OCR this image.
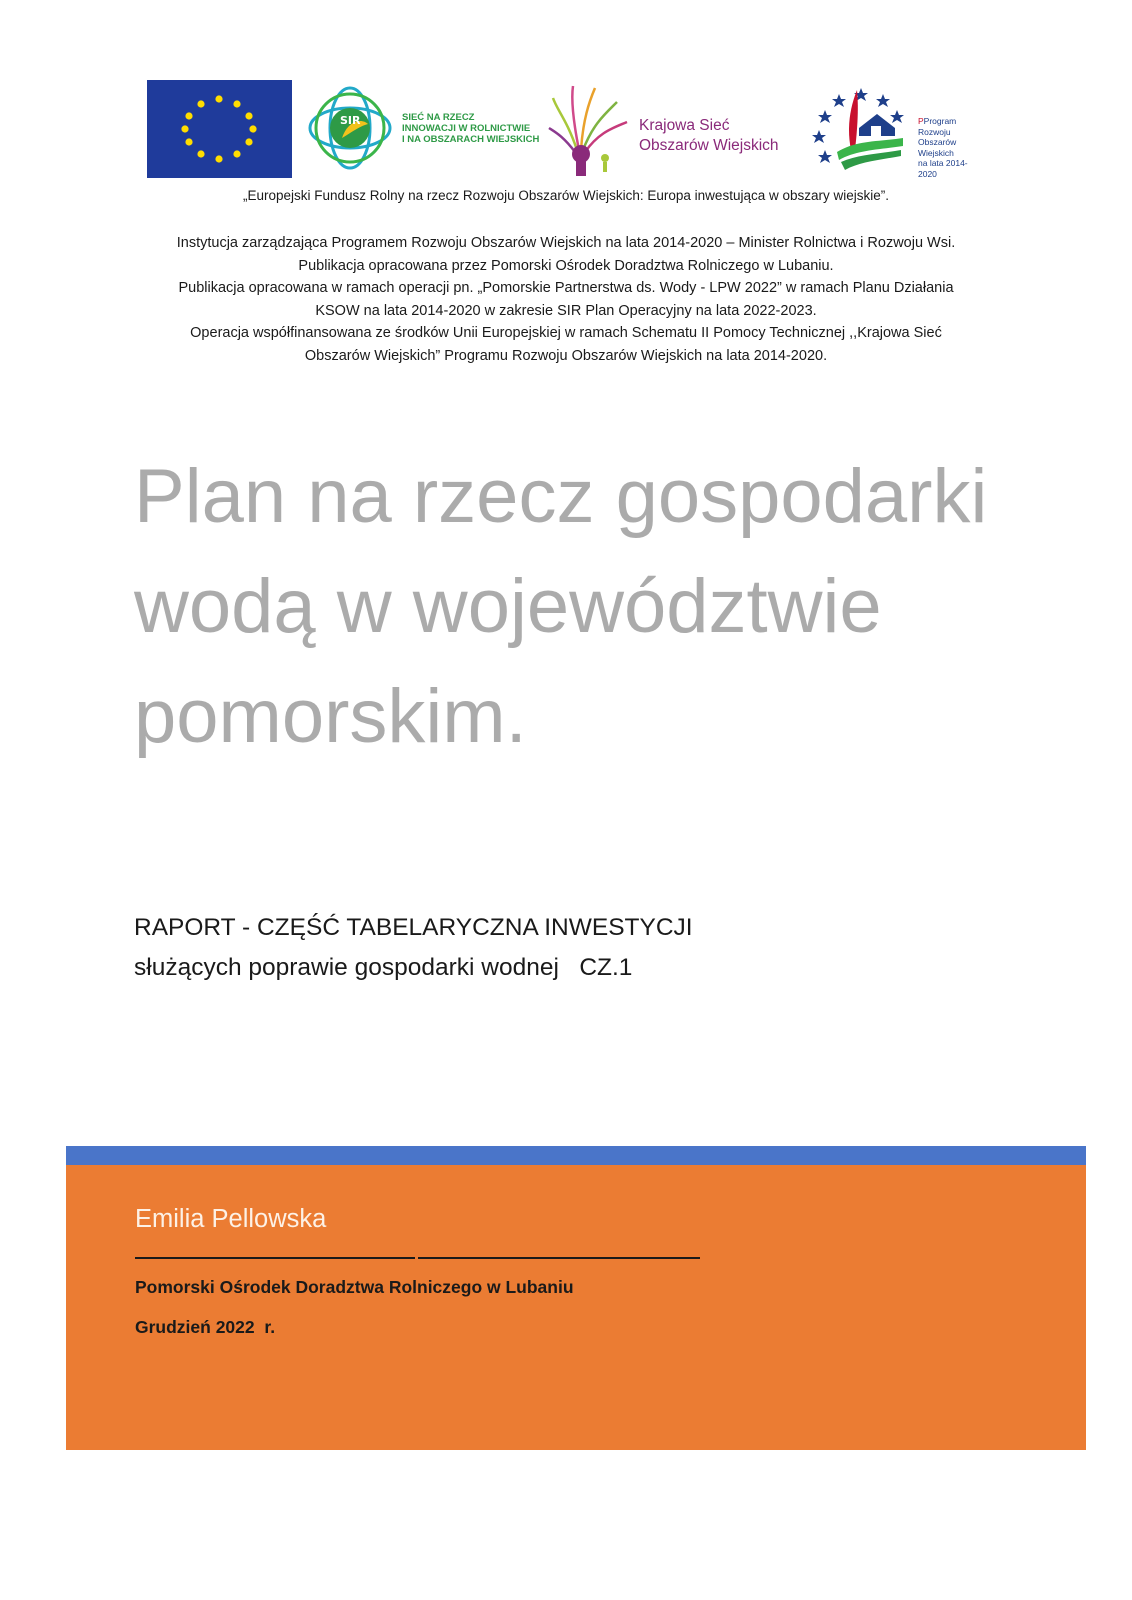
SIR	SIEĆ NA RZECZ
INNOWACJI W ROLNICTWIE
I NA OBSZARACH WIEJSKICH
Krajowa Sieć
Obszarów Wiejskich
PProgram
Rozwoju
Obszarów
Wiejskich
na lata 2014-2020
„Europejski Fundusz Rolny na rzecz Rozwoju Obszarów Wiejskich: Europa inwestująca w obszary wiejskie”.
Instytucja zarządzająca Programem Rozwoju Obszarów Wiejskich na lata 2014-2020 – Minister Rolnictwa i Rozwoju Wsi.
Publikacja opracowana przez Pomorski Ośrodek Doradztwa Rolniczego w Lubaniu.
Publikacja opracowana w ramach operacji pn. „Pomorskie Partnerstwa ds. Wody - LPW 2022” w ramach Planu Działania
KSOW na lata 2014-2020 w zakresie SIR Plan Operacyjny na lata 2022-2023.
Operacja współfinansowana ze środków Unii Europejskiej w ramach Schematu II Pomocy Technicznej ,,Krajowa Sieć
Obszarów Wiejskich” Programu Rozwoju Obszarów Wiejskich na lata 2014-2020.
Plan na rzecz gospodarki
wodą w województwie
pomorskim.
RAPORT - CZĘŚĆ TABELARYCZNA INWESTYCJI
służących poprawie gospodarki wodnej   CZ.1
Emilia Pellowska
Pomorski Ośrodek Doradztwa Rolniczego w Lubaniu
Grudzień 2022  r.
